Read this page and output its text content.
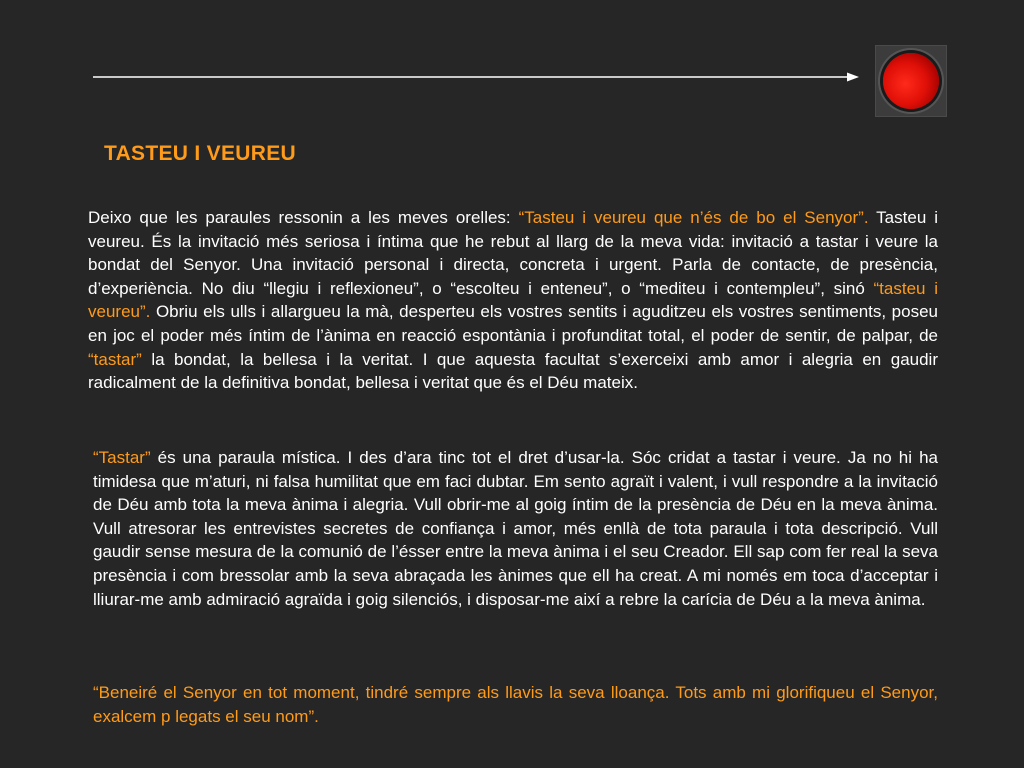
TASTEU I VEUREU

Deixo que les paraules ressonin a les meves orelles: “Tasteu i veureu que n’és de bo el Senyor”. Tasteu i veureu. És la invitació més seriosa i íntima que he rebut al llarg de la meva vida: invitació a tastar i veure la bondat del Senyor. Una invitació personal i directa, concreta i urgent. Parla de contacte, de presència, d’experiència. No diu “llegiu i reflexioneu”, o “escolteu i enteneu”, o “mediteu i contempleu”, sinó “tasteu i veureu”. Obriu els ulls i allargueu la mà, desperteu els vostres sentits i aguditzeu els vostres sentiments, poseu en joc el poder més íntim de l’ànima en reacció espontània i profunditat total, el poder de sentir, de palpar, de “tastar” la bondat, la bellesa i la veritat. I que aquesta facultat s’exerceixi amb amor i alegria en gaudir radicalment de la definitiva bondat, bellesa i veritat que és el Déu mateix.

“Tastar” és una paraula mística. I des d’ara tinc tot el dret d’usar-la. Sóc cridat a tastar i veure. Ja no hi ha timidesa que m’aturi, ni falsa humilitat que em faci dubtar. Em sento agraït i valent, i vull respondre a la invitació de Déu amb tota la meva ànima i alegria. Vull obrir-me al goig íntim de la presència de Déu en la meva ànima. Vull atresorar les entrevistes secretes de confiança i amor, més enllà de tota paraula i tota descripció. Vull gaudir sense mesura de la comunió de l’ésser entre la meva ànima i el seu Creador. Ell sap com fer real la seva presència i com bressolar amb la seva abraçada les ànimes que ell ha creat. A mi només em toca d’acceptar i lliurar-me amb admiració agraïda i goig silenciós, i disposar-me així a rebre la carícia de Déu a la meva ànima.

“Beneiré el Senyor en tot moment, tindré sempre als llavis la seva lloança. Tots amb mi glorifiqueu el Senyor, exalcem p legats el seu nom”.
